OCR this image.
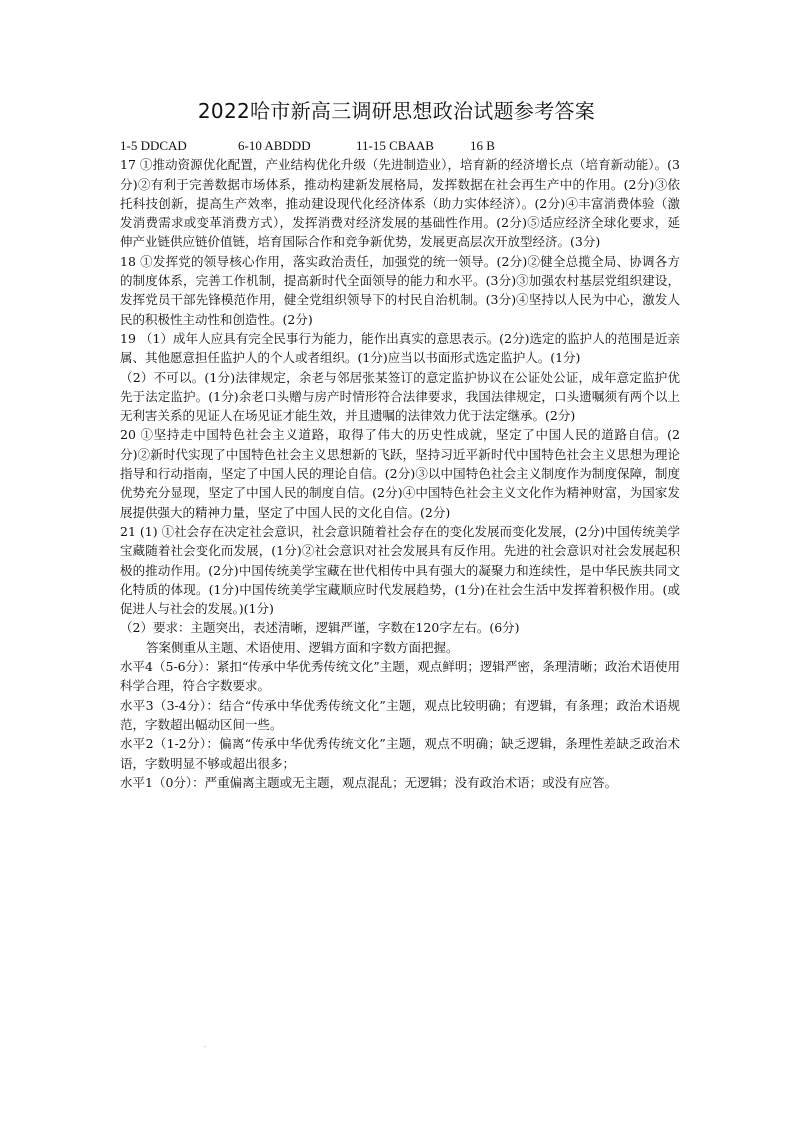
2022哈市新高三调研思想政治试题参考答案
1-5 DDCAD	6-10 ABDDD	11-15 CBAAB	16 B

17 ①推动资源优化配置，产业结构优化升级（先进制造业），培育新的经济增长点（培育新动能）。(3分)②有利于完善数据市场体系，推动构建新发展格局，发挥数据在社会再生产中的作用。(2分)③依托科技创新，提高生产效率，推动建设现代化经济体系（助力实体经济）。(2分)④丰富消费体验（激发消费需求或变革消费方式），发挥消费对经济发展的基础性作用。(2分)⑤适应经济全球化要求，延伸产业链供应链价值链，培育国际合作和竞争新优势，发展更高层次开放型经济。(3分)

18 ①发挥党的领导核心作用，落实政治责任，加强党的统一领导。(2分)②健全总揽全局、协调各方的制度体系，完善工作机制，提高新时代全面领导的能力和水平。(3分)③加强农村基层党组织建设，发挥党员干部先锋模范作用，健全党组织领导下的村民自治机制。(3分)④坚持以人民为中心，激发人民的积极性主动性和创造性。(2分)

19 （1）成年人应具有完全民事行为能力，能作出真实的意思表示。(2分)选定的监护人的范围是近亲属、其他愿意担任监护人的个人或者组织。(1分)应当以书面形式选定监护人。(1分)

（2）不可以。(1分)法律规定，余老与邻居张某签订的意定监护协议在公证处公证，成年意定监护优先于法定监护。(1分)余老口头赠与房产时情形符合法律要求，我国法律规定，口头遗嘱须有两个以上无利害关系的见证人在场见证才能生效，并且遗嘱的法律效力优于法定继承。(2分)

20 ①坚持走中国特色社会主义道路，取得了伟大的历史性成就，坚定了中国人民的道路自信。(2分)②新时代实现了中国特色社会主义思想新的飞跃，坚持习近平新时代中国特色社会主义思想为理论指导和行动指南，坚定了中国人民的理论自信。(2分)③以中国特色社会主义制度作为制度保障，制度优势充分显现，坚定了中国人民的制度自信。(2分)④中国特色社会主义文化作为精神财富，为国家发展提供强大的精神力量，坚定了中国人民的文化自信。(2分)

21 (1) ①社会存在决定社会意识，社会意识随着社会存在的变化发展而变化发展，(2分)中国传统美学宝藏随着社会变化而发展，(1分)②社会意识对社会发展具有反作用。先进的社会意识对社会发展起积极的推动作用。(2分)中国传统美学宝藏在世代相传中具有强大的凝聚力和连续性，是中华民族共同文化特质的体现。(1分)中国传统美学宝藏顺应时代发展趋势，(1分)在社会生活中发挥着积极作用。(或促进人与社会的发展。)(1分)

（2）要求：主题突出，表述清晰，逻辑严谨，字数在120字左右。(6分)

答案侧重从主题、术语使用、逻辑方面和字数方面把握。

水平4（5-6分）：紧扣“传承中华优秀传统文化”主题，观点鲜明；逻辑严密，条理清晰；政治术语使用科学合理，符合字数要求。

水平3（3-4分）：结合“传承中华优秀传统文化”主题，观点比较明确；有逻辑，有条理；政治术语规范，字数超出幅动区间一些。

水平2（1-2分）：偏离“传承中华优秀传统文化”主题，观点不明确；缺乏逻辑，条理性差缺乏政治术语，字数明显不够或超出很多；

水平1（0分）：严重偏离主题或无主题，观点混乱；无逻辑；没有政治术语；或没有应答。
